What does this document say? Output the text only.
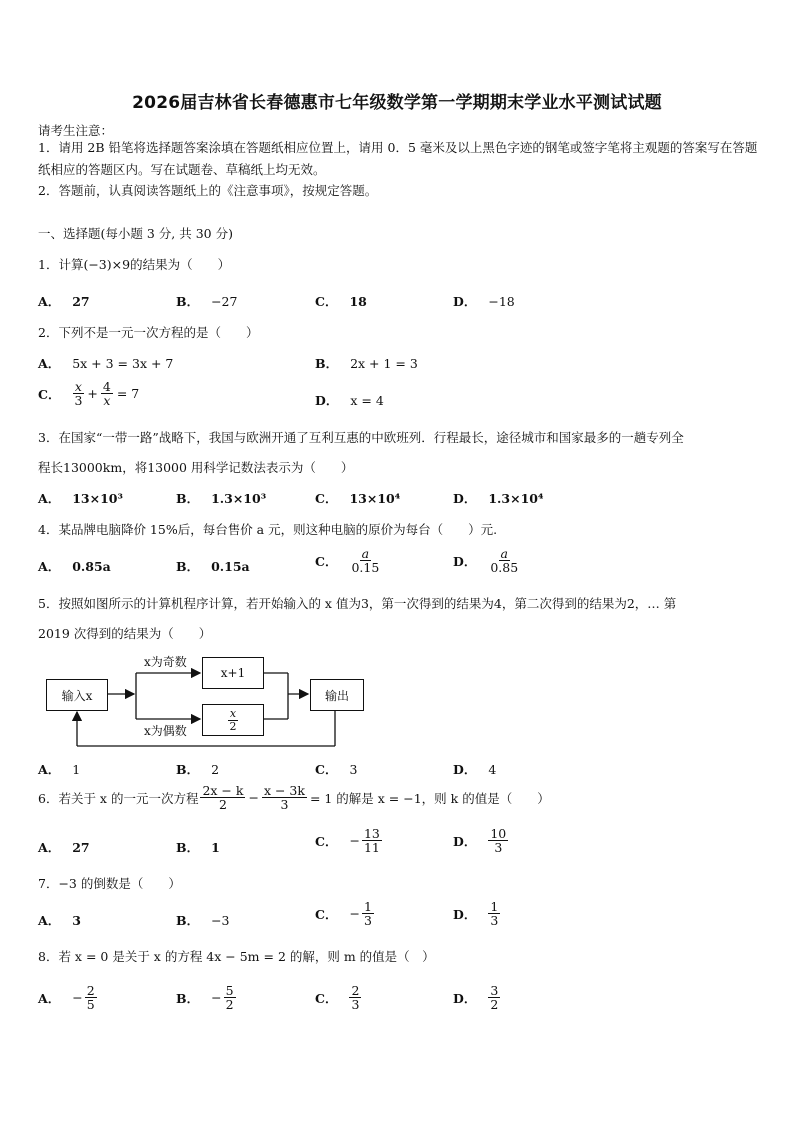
2026届吉林省长春德惠市七年级数学第一学期期末学业水平测试试题
请考生注意：
1．请用 2B 铅笔将选择题答案涂填在答题纸相应位置上，请用 0．5 毫米及以上黑色字迹的钢笔或签字笔将主观题的答案写在答题纸相应的答题区内。写在试题卷、草稿纸上均无效。
2．答题前，认真阅读答题纸上的《注意事项》，按规定答题。
一、选择题(每小题 3 分, 共 30 分)
1．计算(−3)×9的结果为（　　）
A． 27	B． −27	C． 18	D． −18
2．下列不是一元一次方程的是（　　）
A． 5x + 3 = 3x + 7	B． 2x + 1 = 3
C． $\frac{x}{3} + \frac{4}{x} = 7$	D． x = 4
3．在国家“一带一路”战略下，我国与欧洲开通了互利互惠的中欧班列．行程最长，途径城市和国家最多的一趟专列全
程长13000km，将13000 用科学记数法表示为（　　）
A． 13×10³	B． 1.3×10³	C． 13×10⁴	D． 1.3×10⁴
4．某品牌电脑降价 15%后，每台售价 a 元，则这种电脑的原价为每台（　　）元.
A． 0.85a	B． 0.15a	C． $\frac{a}{0.15}$	D． $\frac{a}{0.85}$
5．按照如图所示的计算机程序计算，若开始输入的 x 值为3，第一次得到的结果为4，第二次得到的结果为2，… 第
2019 次得到的结果为（　　）
输入x
x为奇数
x+1
x为偶数	$\frac{x}{2}$
输出
A． 1	B． 2	C． 3	D． 4
6．若关于 x 的一元一次方程 $\frac{2x - k}{2} - \frac{x - 3k}{3} = 1$ 的解是 x = −1，则 k 的值是（　　）
A． 27	B． 1	C． − $\frac{13}{11}$	D． $\frac{10}{3}$
7．−3 的倒数是（　　）
A． 3	B． −3	C． − $\frac{1}{3}$	D． $\frac{1}{3}$
8．若 x = 0 是关于 x 的方程 4x − 5m = 2 的解，则 m 的值是（　）
A． − $\frac{2}{5}$	B． − $\frac{5}{2}$	C． $\frac{2}{3}$	D． $\frac{3}{2}$
